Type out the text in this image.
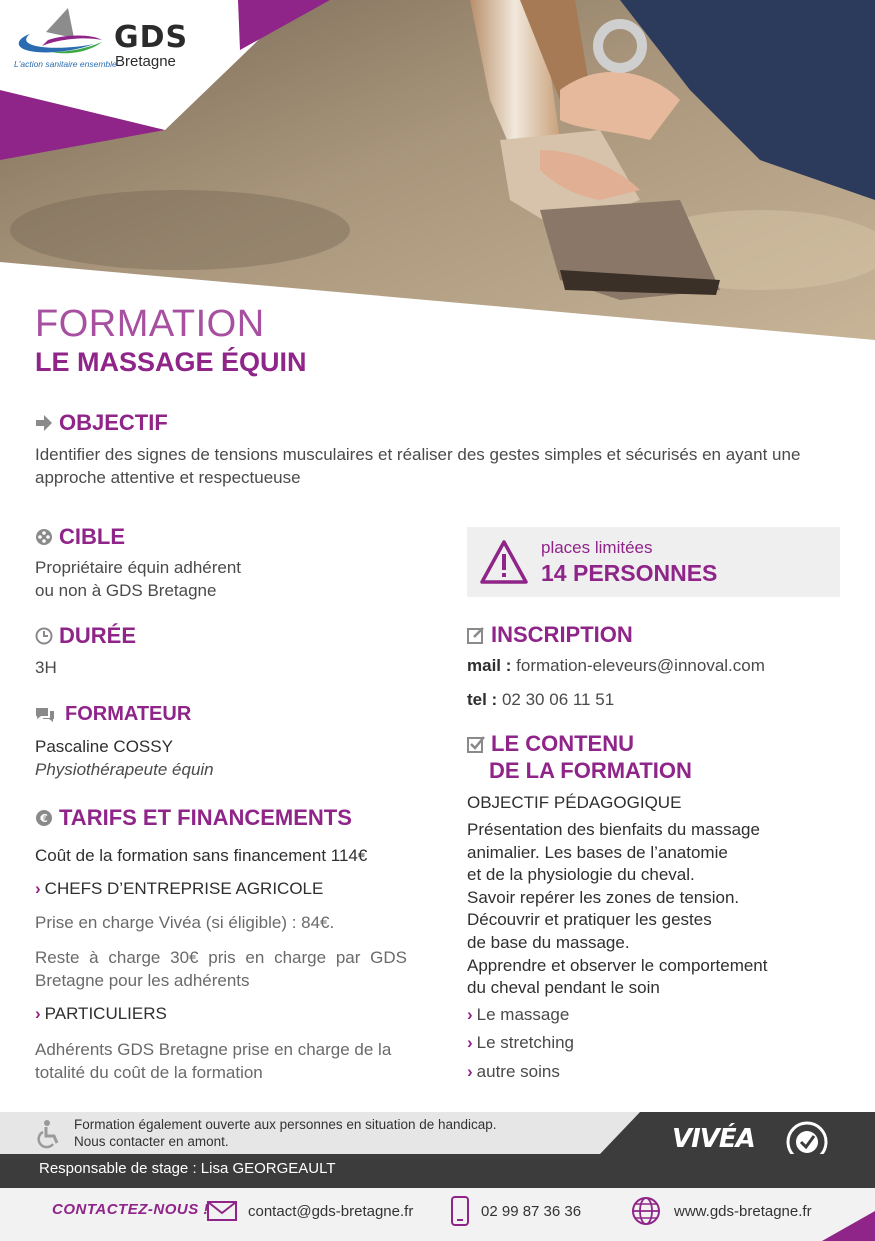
GDS
Bretagne
L'action sanitaire ensemble
FORMATION
LE MASSAGE ÉQUIN
OBJECTIF
Identifier des signes de tensions musculaires et réaliser des gestes simples et sécurisés en ayant une approche attentive et respectueuse
CIBLE
Propriétaire équin adhérent
ou non à GDS Bretagne
places limitées
14 PERSONNES
DURÉE
3H
INSCRIPTION
mail : formation-eleveurs@innoval.com
tel : 02 30 06 11 51
FORMATEUR
Pascaline COSSY
Physiothérapeute équin
LE CONTENU
DE LA FORMATION
OBJECTIF PÉDAGOGIQUE
Présentation des bienfaits du massage
animalier. Les bases de l’anatomie
et de la physiologie du cheval.
Savoir repérer les zones de tension.
Découvrir et pratiquer les gestes
de base du massage.
Apprendre et observer le comportement
du cheval pendant le soin
› Le massage
› Le stretching
› autre soins
€ TARIFS ET FINANCEMENTS
Coût de la formation sans financement 114€
› CHEFS D’ENTREPRISE AGRICOLE
Prise en charge Vivéa (si éligible) : 84€.
Reste à charge 30€ pris en charge par GDS Bretagne pour les adhérents
› PARTICULIERS
Adhérents GDS Bretagne prise en charge de la totalité du coût de la formation
Formation également ouverte aux personnes en situation de handicap.
Nous contacter en amont.	VIVÉA
Responsable de stage : Lisa GEORGEAULT
CONTACTEZ-NOUS !	contact@gds-bretagne.fr	02 99 87 36 36	www.gds-bretagne.fr
